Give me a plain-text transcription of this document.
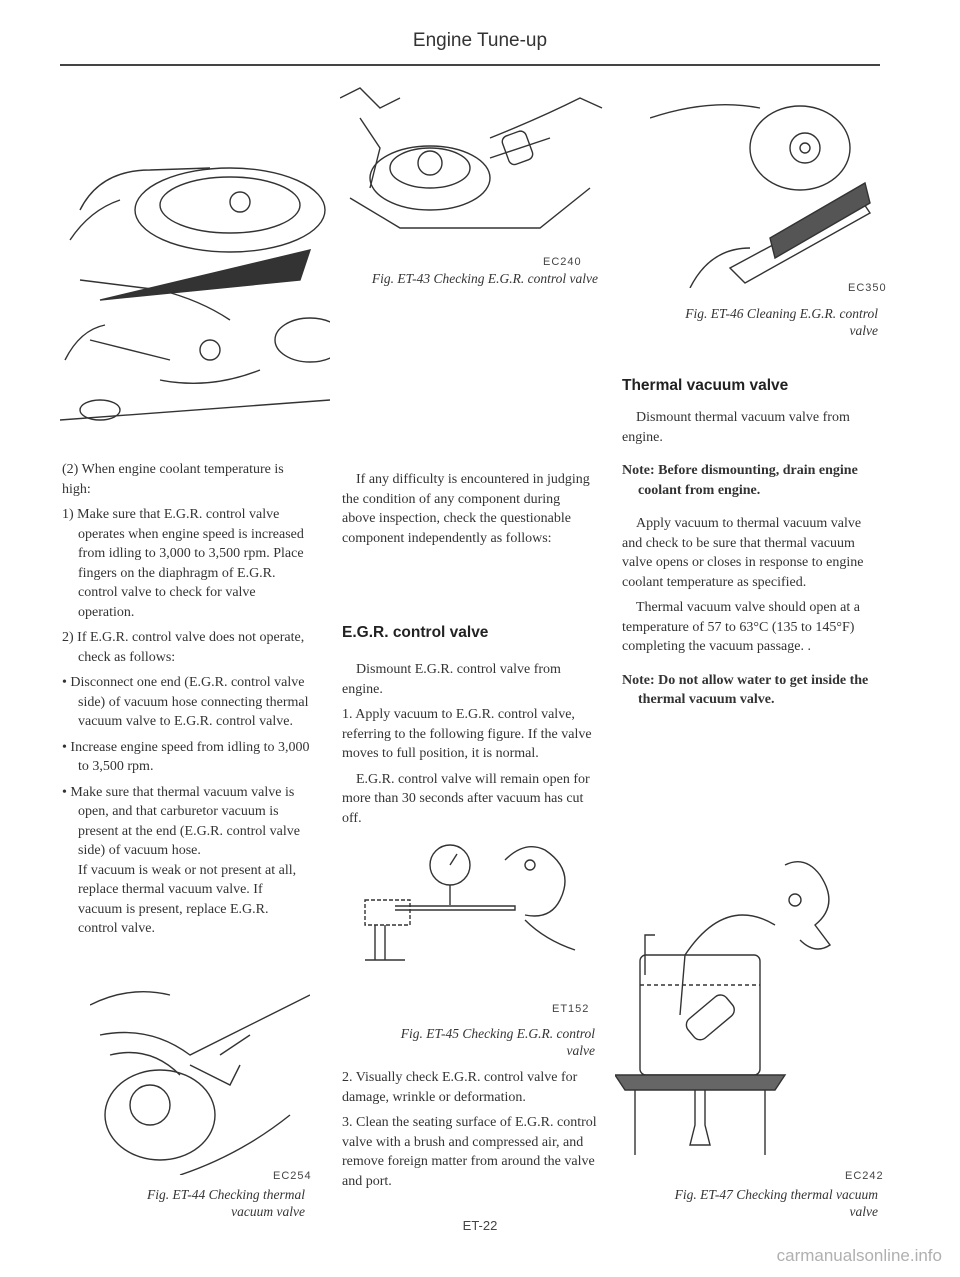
Engine Tune-up
EC240
Fig. ET-43 Checking E.G.R. control valve
EC350
Fig. ET-46 Cleaning E.G.R. control
valve

(2) When engine coolant temperature is high:

1) Make sure that E.G.R. control valve operates when engine speed is increased from idling to 3,000 to 3,500 rpm. Place fingers on the diaphragm of E.G.R. control valve to check for valve operation.

2) If E.G.R. control valve does not operate, check as follows:

• Disconnect one end (E.G.R. control valve side) of vacuum hose connecting thermal vacuum valve to E.G.R. control valve.

• Increase engine speed from idling to 3,000 to 3,500 rpm.

• Make sure that thermal vacuum valve is open, and that carburetor vacuum is present at the end (E.G.R. control valve side) of vacuum hose.

If vacuum is weak or not present at all, replace thermal vacuum valve. If vacuum is present, replace E.G.R. control valve.

EC254
Fig. ET-44 Checking thermal
vacuum valve

If any difficulty is encountered in judging the condition of any component during above inspection, check the questionable component independently as follows:

E.G.R. control valve

Dismount E.G.R. control valve from engine.

1. Apply vacuum to E.G.R. control valve, referring to the following figure. If the valve moves to full position, it is normal.

E.G.R. control valve will remain open for more than 30 seconds after vacuum has cut off.

ET152
Fig. ET-45 Checking E.G.R. control
valve

2. Visually check E.G.R. control valve for damage, wrinkle or deformation.

3. Clean the seating surface of E.G.R. control valve with a brush and compressed air, and remove foreign matter from around the valve and port.

Thermal vacuum valve

Dismount thermal vacuum valve from engine.

Note: Before dismounting, drain engine coolant from engine.

Apply vacuum to thermal vacuum valve and check to be sure that thermal vacuum valve opens or closes in response to engine coolant temperature as specified.

Thermal vacuum valve should open at a temperature of 57 to 63°C (135 to 145°F) completing the vacuum passage. .

Note: Do not allow water to get inside the thermal vacuum valve.

EC242
Fig. ET-47 Checking thermal vacuum
valve
ET-22
carmanualsonline.info
